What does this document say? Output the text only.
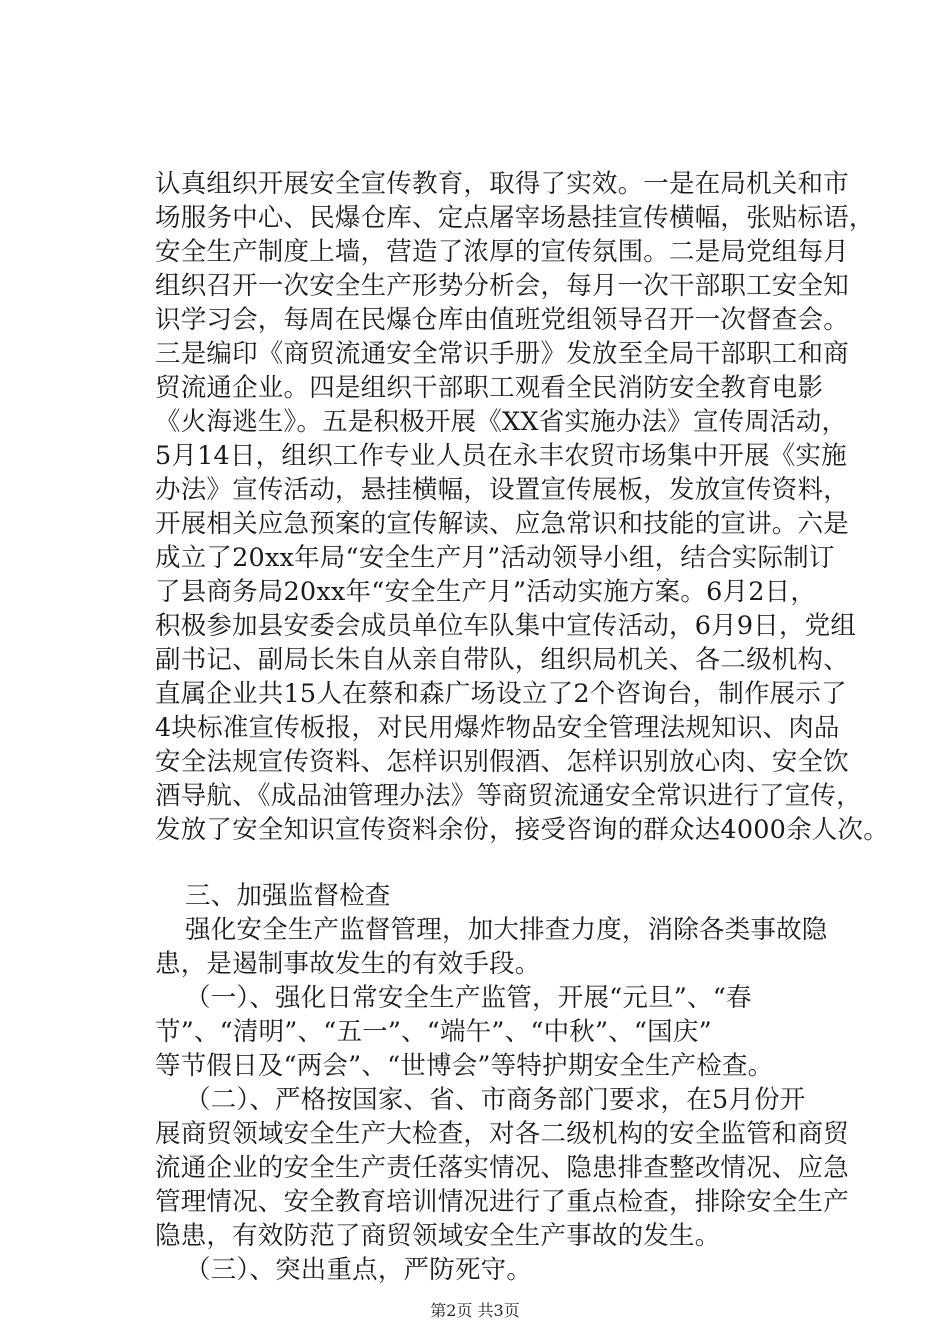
认真组织开展安全宣传教育，取得了实效。一是在局机关和市
场服务中心、民爆仓库、定点屠宰场悬挂宣传横幅，张贴标语，
安全生产制度上墙，营造了浓厚的宣传氛围。二是局党组每月
组织召开一次安全生产形势分析会，每月一次干部职工安全知
识学习会，每周在民爆仓库由值班党组领导召开一次督查会。
三是编印《商贸流通安全常识手册》发放至全局干部职工和商
贸流通企业。四是组织干部职工观看全民消防安全教育电影
《火海逃生》。五是积极开展《XX省实施办法》宣传周活动，
5月14日，组织工作专业人员在永丰农贸市场集中开展《实施
办法》宣传活动，悬挂横幅，设置宣传展板，发放宣传资料，
开展相关应急预案的宣传解读、应急常识和技能的宣讲。六是
成立了20xx年局“安全生产月”活动领导小组，结合实际制订
了县商务局20xx年“安全生产月”活动实施方案。6月2日，
积极参加县安委会成员单位车队集中宣传活动，6月9日，党组
副书记、副局长朱自从亲自带队，组织局机关、各二级机构、
直属企业共15人在蔡和森广场设立了2个咨询台，制作展示了
4块标准宣传板报，对民用爆炸物品安全管理法规知识、肉品
安全法规宣传资料、怎样识别假酒、怎样识别放心肉、安全饮
酒导航、《成品油管理办法》等商贸流通安全常识进行了宣传，
发放了安全知识宣传资料余份，接受咨询的群众达4000余人次。
三、加强监督检查
强化安全生产监督管理，加大排查力度，消除各类事故隐
患，是遏制事故发生的有效手段。
（一）、强化日常安全生产监管，开展“元旦”、“春
节”、“清明”、“五一”、“端午”、“中秋”、“国庆”
等节假日及“两会”、“世博会”等特护期安全生产检查。
（二）、严格按国家、省、市商务部门要求，在5月份开
展商贸领域安全生产大检查，对各二级机构的安全监管和商贸
流通企业的安全生产责任落实情况、隐患排查整改情况、应急
管理情况、安全教育培训情况进行了重点检查，排除安全生产
隐患，有效防范了商贸领域安全生产事故的发生。
（三）、突出重点，严防死守。
第2页 共3页
